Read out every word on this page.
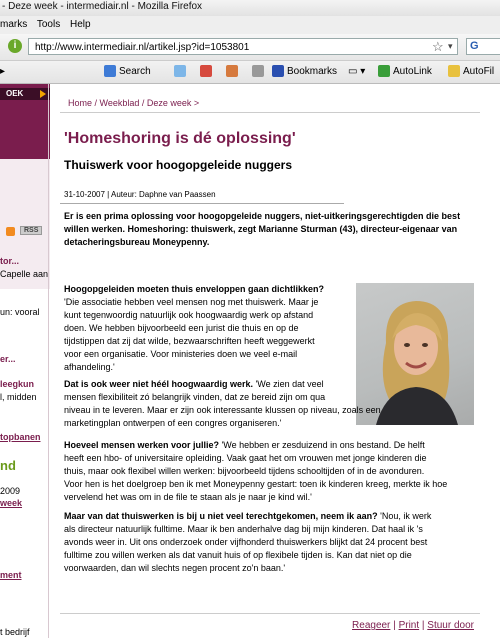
- Deze week - intermediair.nl - Mozilla Firefox
marks Tools Help
i	http://www.intermediair.nl/artikel.jsp?id=1053801	☆ ▾	G
▸	Search	Bookmarks ▭ ▾	AutoLink	AutoFil
OEK
RSS
tor...
Capelle aan
un: vooral
er...
leegkun
l, midden
topbanen
nd
2009
week
ment
t bedrijf
Home / Weekblad / Deze week >
'Homeshoring is dé oplossing'
Thuiswerk voor hoogopgeleide nuggers
31-10-2007 | Auteur: Daphne van Paassen
Er is een prima oplossing voor hoogopgeleide nuggers, niet-uitkeringsgerechtigden die best willen werken. Homeshoring: thuiswerk, zegt Marianne Sturman (43), directeur-eigenaar van detacheringsbureau Moneypenny.
Hoogopgeleiden moeten thuis enveloppen gaan dichtlikken?
'Die associatie hebben veel mensen nog met thuiswerk. Maar je
kunt tegenwoordig natuurlijk ook hoogwaardig werk op afstand
doen. We hebben bijvoorbeeld een jurist die thuis en op de
tijdstippen dat zij dat wilde, bezwaarschriften heeft weggewerkt
voor een organisatie. Voor ministeries doen we veel e-mail
afhandeling.'
Dat is ook weer niet héél hoogwaardig werk. 'We zien dat veel
mensen flexibiliteit zó belangrijk vinden, dat ze bereid zijn om qua
niveau in te leveren. Maar er zijn ook interessante klussen op niveau, zoals een
marketingplan ontwerpen of een congres organiseren.'
Hoeveel mensen werken voor jullie? 'We hebben er zesduizend in ons bestand. De helft
heeft een hbo- of universitaire opleiding. Vaak gaat het om vrouwen met jonge kinderen die
thuis, maar ook flexibel willen werken: bijvoorbeeld tijdens schooltijden of in de avonduren.
Voor hen is het doelgroep ben ik met Moneypenny gestart: toen ik kinderen kreeg, merkte ik hoe
vervelend het was om in de file te staan als je naar je kind wil.'
Maar van dat thuiswerken is bij u niet veel terechtgekomen, neem ik aan? 'Nou, ik werk
als directeur natuurlijk fulltime. Maar ik ben anderhalve dag bij mijn kinderen. Dat haal ik 's
avonds weer in. Uit ons onderzoek onder vijfhonderd thuiswerkers blijkt dat 24 procent best
fulltime zou willen werken als dat vanuit huis of op flexibele tijden is. Kan dat niet op die
voorwaarden, dan wil slechts negen procent zo'n baan.'
Reageer | Print | Stuur door
